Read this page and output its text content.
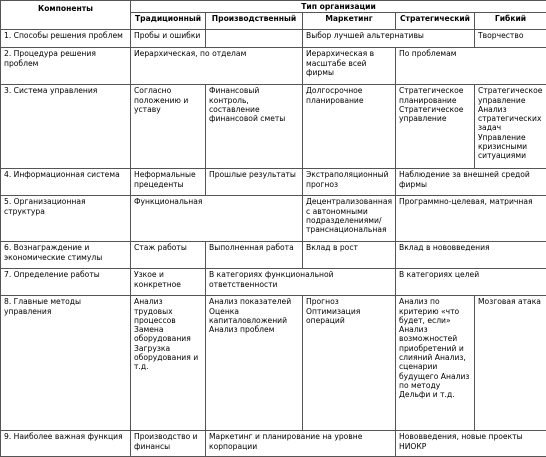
Компоненты	Тип организации				
	Традиционный	Производственный	Маркетинг	Стратегический	Гибкий
1. Способы решения проблем	Пробы и ошибки		Выбор лучшей альтернативы		Творчество
2. Процедура решения проблем	Иерархическая, по отделам		Иерархическая в масштабе всей фирмы	По проблемам	
3. Система управления	Согласно положению и уставу	Финансовый контроль, составление финансовой сметы	Долгосрочное планирование	Стратегическое планирование Стратегическое управление	Стратегическое управление Анализ стратегических задач Управление кризисными ситуациями
4. Информационная система	Неформальные прецеденты	Прошлые результаты	Экстраполяционный прогноз	Наблюдение за внешней средой фирмы	
5. Организационная структура	Функциональная		Децентрализованная с автономными подразделениями/ транснациональная	Программно-целевая, матричная	
6. Вознаграждение и экономические стимулы	Стаж работы	Выполненная работа	Вклад в рост	Вклад в нововведения	
7. Определение работы	Узкое и конкретное	В категориях функциональной ответственности		В категориях целей	
8. Главные методы управления	Анализ трудовых процессов Замена оборудования Загрузка оборудования и т.д.	Анализ показателей Оценка капиталовложений Анализ проблем	Прогноз Оптимизация операций	Анализ по критерию «что будет, если» Анализ возможностей приобретений и слияний Анализ, сценарии будущего Анализ по методу Дельфи и т.д.	Мозговая атака
9. Наиболее важная функция	Производство и финансы	Маркетинг и планирование на уровне корпорации		Нововведения, новые проекты НИОКР	
